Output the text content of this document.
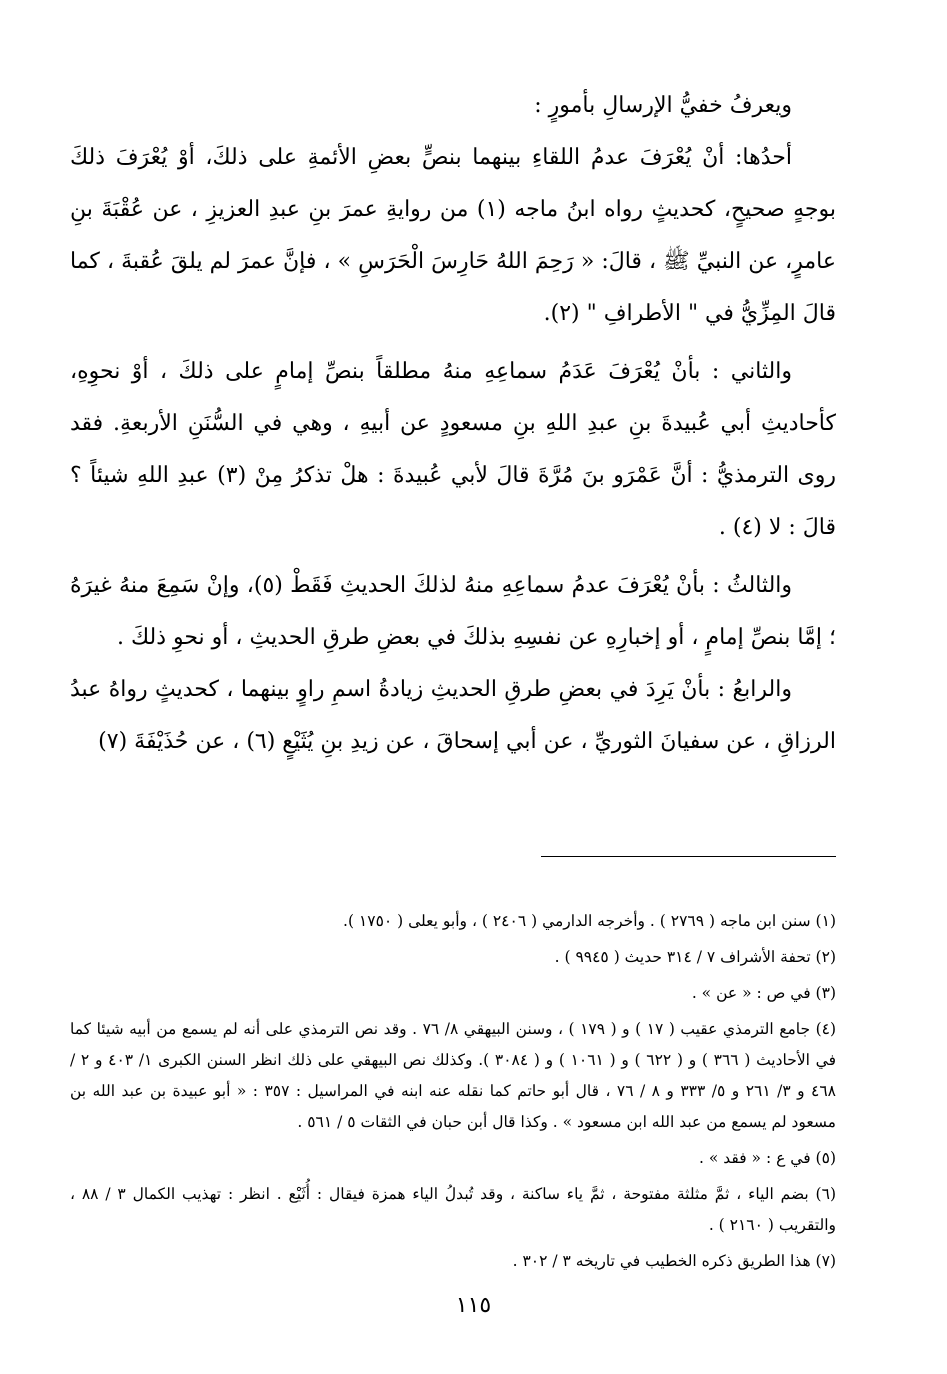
ويعرفُ خفيُّ الإرسالِ بأمورٍ :

أحدُها: أنْ يُعْرَفَ عدمُ اللقاءِ بينهما بنصٍّ بعضِ الأئمةِ على ذلكَ، أوْ يُعْرَفَ ذلكَ بوجهٍ صحيحٍ، كحديثٍ رواه ابنُ ماجه (١) من روايةِ عمرَ بنِ عبدِ العزيزِ ، عن عُقْبَةَ بنِ عامرٍ، عن النبيِّ ﷺ ، قالَ: « رَحِمَ اللهُ حَارِسَ الْحَرَسِ » ، فإنَّ عمرَ لم يلقَ عُقبةَ ، كما قالَ المِزِّيُّ في " الأطرافِ " (٢).

والثاني : بأنْ يُعْرَفَ عَدَمُ سماعِهِ منهُ مطلقاً بنصِّ إمامٍ على ذلكَ ، أوْ نحوِهِ، كأحاديثِ أبي عُبيدةَ بنِ عبدِ اللهِ بنِ مسعودٍ عن أبيهِ ، وهي في السُّنَنِ الأربعةِ. فقد روى الترمذيُّ : أنَّ عَمْرَو بنَ مُرَّةَ قالَ لأبي عُبيدةَ : هلْ تذكرُ مِنْ (٣) عبدِ اللهِ شيئاً ؟ قالَ : لا (٤) .

والثالثُ : بأنْ يُعْرَفَ عدمُ سماعِهِ منهُ لذلكَ الحديثِ فَقَطْ (٥)، وإنْ سَمِعَ منهُ غيرَهُ ؛ إمَّا بنصِّ إمامٍ ، أو إخبارِهِ عن نفسِهِ بذلكَ في بعضِ طرقِ الحديثِ ، أو نحوِ ذلكَ .

والرابعُ : بأنْ يَرِدَ في بعضِ طرقِ الحديثِ زيادةُ اسمِ راوٍ بينهما ، كحديثٍ رواهُ عبدُ الرزاقِ ، عن سفيانَ الثوريِّ ، عن أبي إسحاقَ ، عن زيدِ بنِ يُثَيْعٍ (٦) ، عن حُذَيْفَةَ (٧)

(١) سنن ابن ماجه ( ٢٧٦٩ ) . وأخرجه الدارمي ( ٢٤٠٦ ) ، وأبو يعلى ( ١٧٥٠ ).

(٢) تحفة الأشراف ٧ / ٣١٤ حديث ( ٩٩٤٥ ) .

(٣) في ص : « عن » .

(٤) جامع الترمذي عقيب ( ١٧ ) و ( ١٧٩ ) ، وسنن البيهقي ٨/ ٧٦ . وقد نص الترمذي على أنه لم يسمع من أبيه شيئا كما في الأحاديث ( ٣٦٦ ) و ( ٦٢٢ ) و ( ١٠٦١ ) و ( ٣٠٨٤ ). وكذلك نص البيهقي على ذلك انظر السنن الكبرى ١/ ٤٠٣ و ٢ / ٤٦٨ و ٣/ ٢٦١ و ٥/ ٣٣٣ و ٨ / ٧٦ ، قال أبو حاتم كما نقله عنه ابنه في المراسيل : ٣٥٧ : « أبو عبيدة بن عبد الله بن مسعود لم يسمع من عبد الله ابن مسعود » . وكذا قال أبن حبان في الثقات ٥ / ٥٦١ .

(٥) في ع : « فقد » .

(٦) بضم الياء ، ثمَّ مثلثة مفتوحة ، ثمَّ ياء ساكنة ، وقد تُبدلُ الياء همزة فيقال : أُثَيْع . انظر : تهذيب الكمال ٣ / ٨٨ ، والتقريب ( ٢١٦٠ ) .

(٧) هذا الطريق ذكره الخطيب في تاريخه ٣ / ٣٠٢ .

١١٥
